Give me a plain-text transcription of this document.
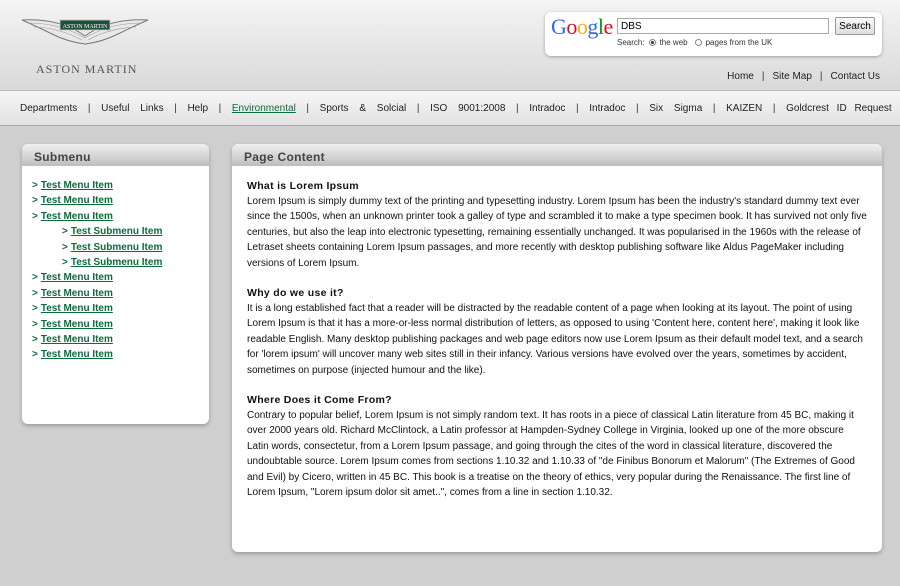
ASTON MARTIN
ASTON MARTIN
Google
DBS	Search
Search: the web pages from the UK
Home | Site Map | Contact Us
Departments | Useful Links | Help | Environmental | Sports & Solcial | ISO 9001:2008 | Intradoc | Intradoc | Six Sigma | KAIZEN | Goldcrest ID Request
Submenu
> Test Menu Item
> Test Menu Item
> Test Menu Item
> Test Submenu Item
> Test Submenu Item
> Test Submenu Item
> Test Menu Item
> Test Menu Item
> Test Menu Item
> Test Menu Item
> Test Menu Item
> Test Menu Item
Page Content
What is Lorem Ipsum

Lorem Ipsum is simply dummy text of the printing and typesetting industry. Lorem Ipsum has been the industry's standard dummy text ever since the 1500s, when an unknown printer took a galley of type and scrambled it to make a type specimen book. It has survived not only five centuries, but also the leap into electronic typesetting, remaining essentially unchanged. It was popularised in the 1960s with the release of Letraset sheets containing Lorem Ipsum passages, and more recently with desktop publishing software like Aldus PageMaker including versions of Lorem Ipsum.

Why do we use it?

It is a long established fact that a reader will be distracted by the readable content of a page when looking at its layout. The point of using Lorem Ipsum is that it has a more-or-less normal distribution of letters, as opposed to using 'Content here, content here', making it look like readable English. Many desktop publishing packages and web page editors now use Lorem Ipsum as their default model text, and a search for 'lorem ipsum' will uncover many web sites still in their infancy. Various versions have evolved over the years, sometimes by accident, sometimes on purpose (injected humour and the like).

Where Does it Come From?

Contrary to popular belief, Lorem Ipsum is not simply random text. It has roots in a piece of classical Latin literature from 45 BC, making it over 2000 years old. Richard McClintock, a Latin professor at Hampden-Sydney College in Virginia, looked up one of the more obscure Latin words, consectetur, from a Lorem Ipsum passage, and going through the cites of the word in classical literature, discovered the undoubtable source. Lorem Ipsum comes from sections 1.10.32 and 1.10.33 of "de Finibus Bonorum et Malorum" (The Extremes of Good and Evil) by Cicero, written in 45 BC. This book is a treatise on the theory of ethics, very popular during the Renaissance. The first line of Lorem Ipsum, "Lorem ipsum dolor sit amet..", comes from a line in section 1.10.32.
